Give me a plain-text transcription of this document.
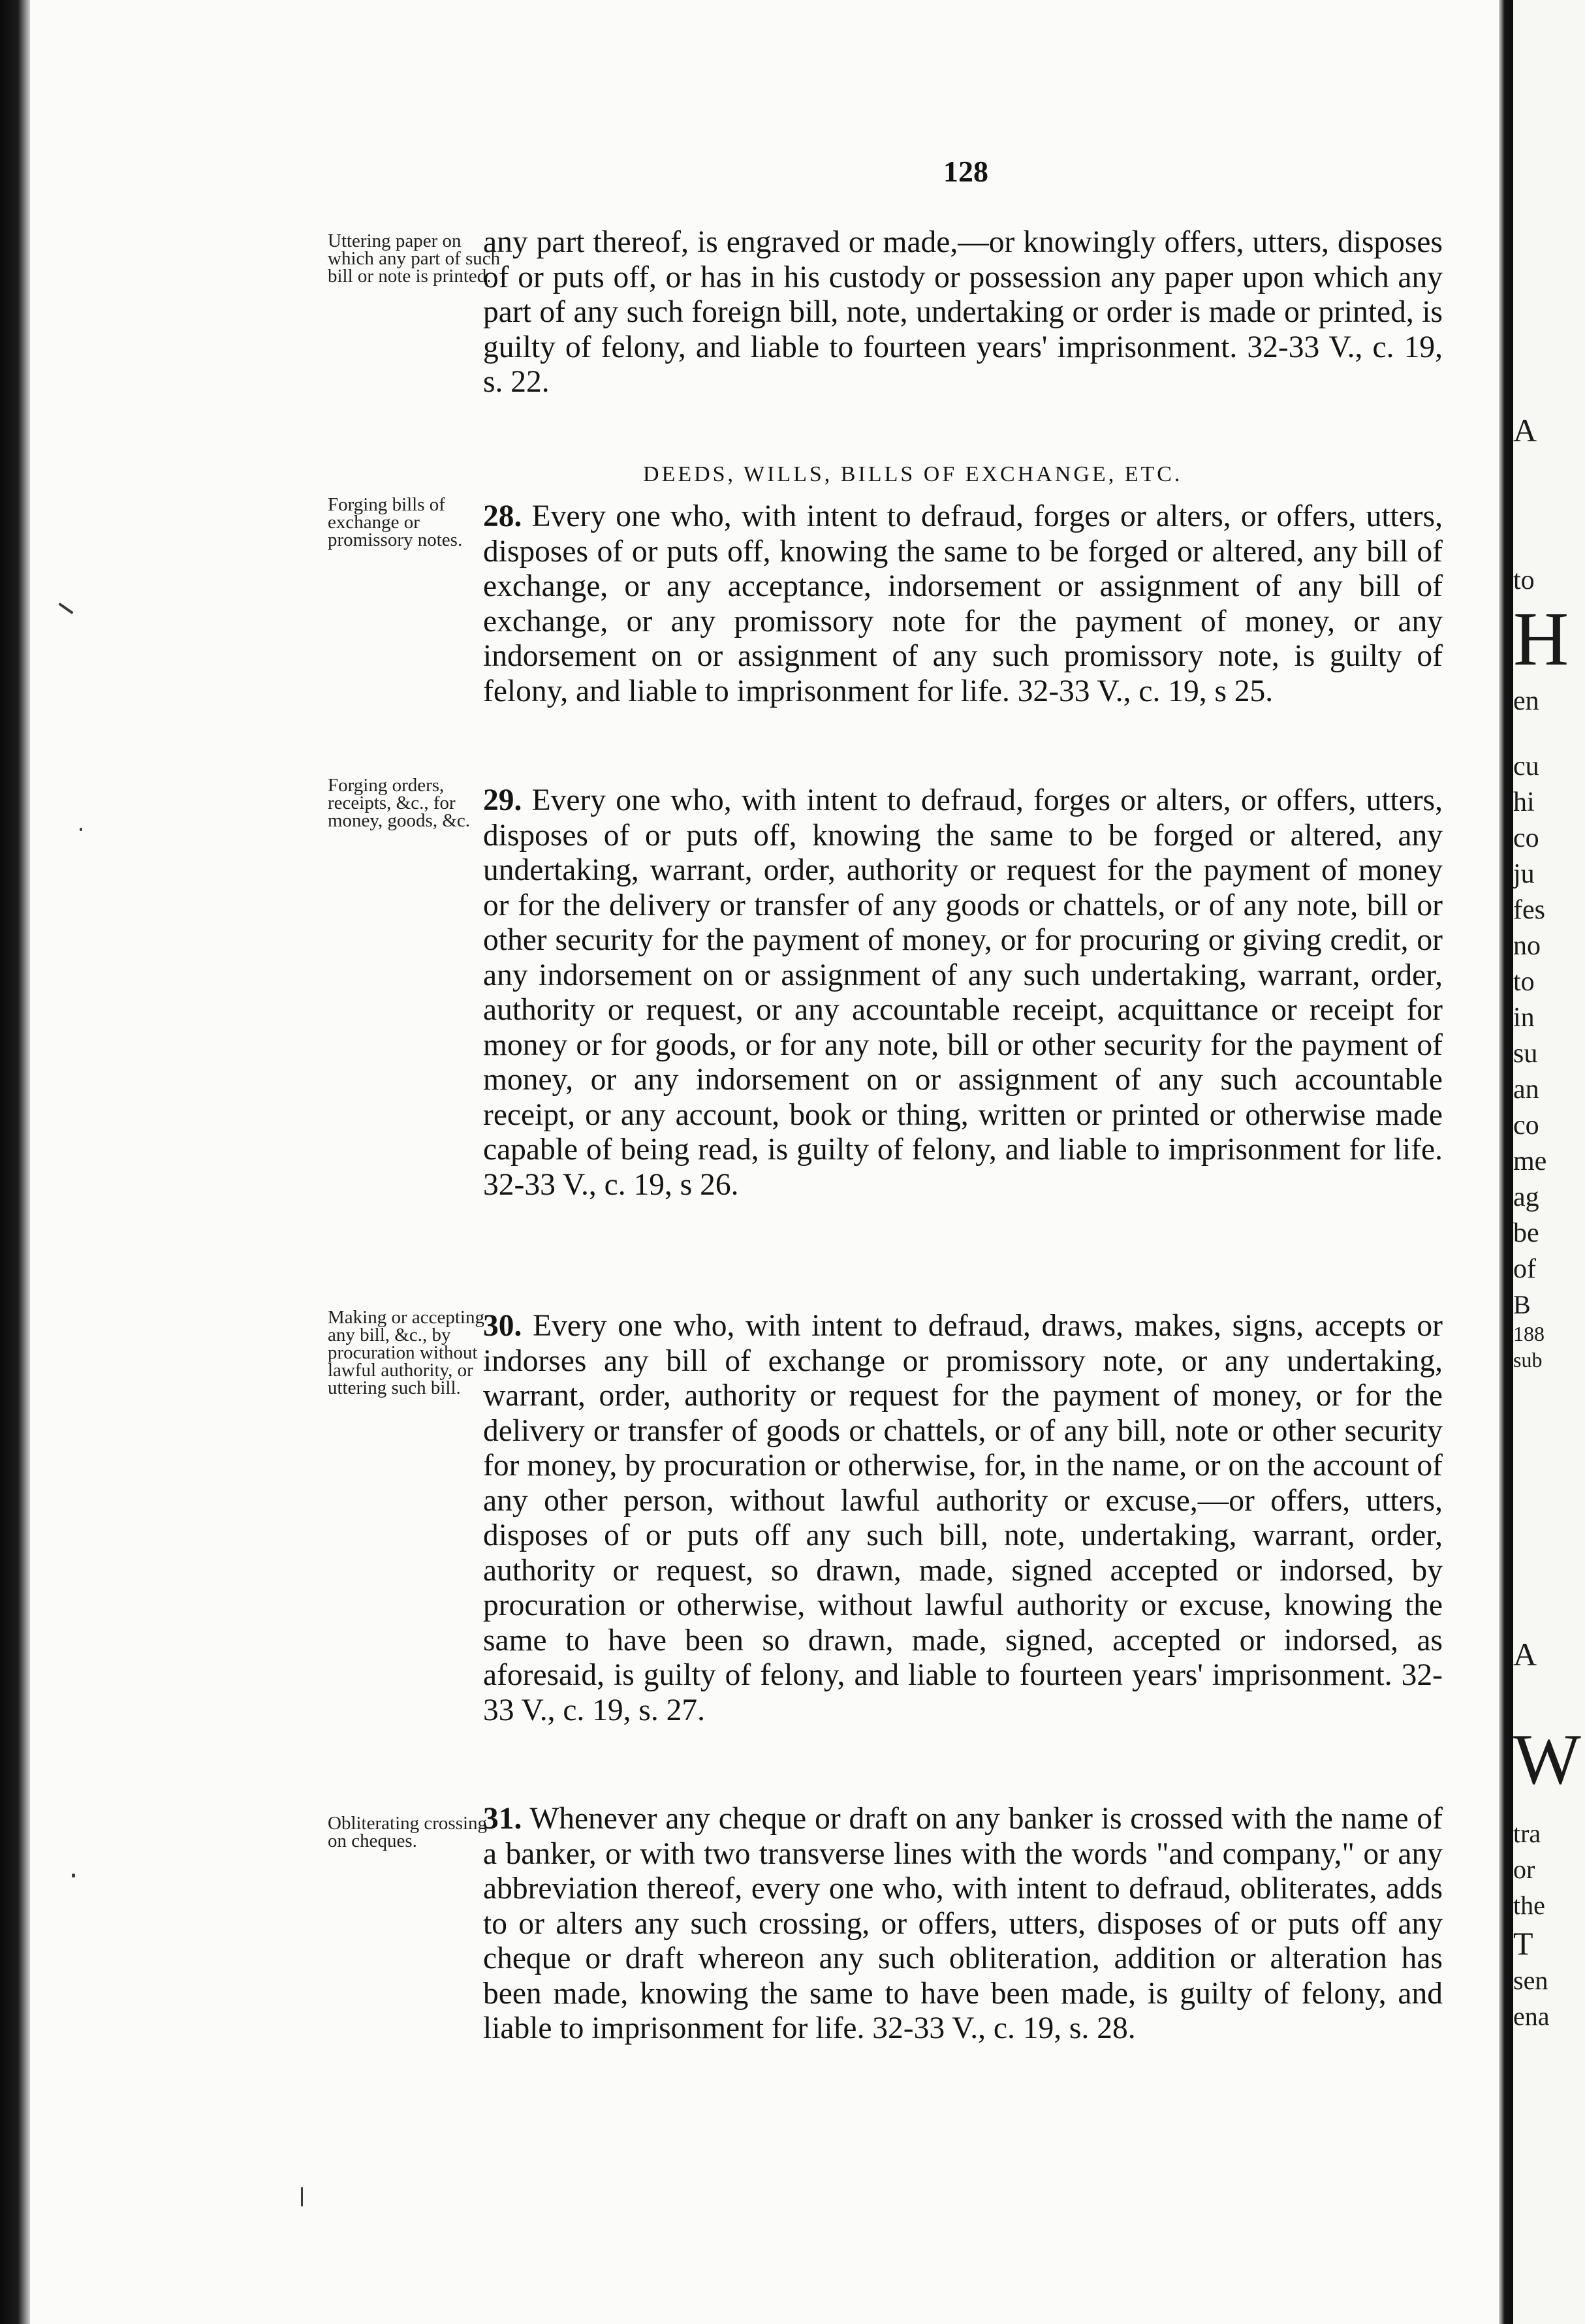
128
Uttering paper on which any part of such bill or note is printed.
Forging bills of exchange or promissory notes.
Forging orders, receipts, &c., for money, goods, &c.
Making or accepting any bill, &c., by procuration without lawful authority, or uttering such bill.
Obliterating crossing on cheques.
DEEDS, WILLS, BILLS OF EXCHANGE, ETC.
any part thereof, is engraved or made,—or knowingly offers, utters, disposes of or puts off, or has in his custody or possession any paper upon which any part of any such foreign bill, note, undertaking or order is made or printed, is guilty of felony, and liable to fourteen years' imprisonment. 32-33 V., c. 19, s. 22.
28. Every one who, with intent to defraud, forges or alters, or offers, utters, disposes of or puts off, knowing the same to be forged or altered, any bill of exchange, or any acceptance, indorsement or assignment of any bill of exchange, or any promissory note for the payment of money, or any indorsement on or assignment of any such promissory note, is guilty of felony, and liable to imprisonment for life. 32-33 V., c. 19, s 25.
29. Every one who, with intent to defraud, forges or alters, or offers, utters, disposes of or puts off, knowing the same to be forged or altered, any undertaking, warrant, order, authority or request for the payment of money or for the delivery or transfer of any goods or chattels, or of any note, bill or other security for the payment of money, or for procuring or giving credit, or any indorsement on or assignment of any such undertaking, warrant, order, authority or request, or any accountable receipt, acquittance or receipt for money or for goods, or for any note, bill or other security for the payment of money, or any indorsement on or assignment of any such accountable receipt, or any account, book or thing, written or printed or otherwise made capable of being read, is guilty of felony, and liable to imprisonment for life. 32-33 V., c. 19, s 26.
30. Every one who, with intent to defraud, draws, makes, signs, accepts or indorses any bill of exchange or promissory note, or any undertaking, warrant, order, authority or request for the payment of money, or for the delivery or transfer of goods or chattels, or of any bill, note or other security for money, by procuration or otherwise, for, in the name, or on the account of any other person, without lawful authority or excuse,—or offers, utters, disposes of or puts off any such bill, note, undertaking, warrant, order, authority or request, so drawn, made, signed accepted or indorsed, by procuration or otherwise, without lawful authority or excuse, knowing the same to have been so drawn, made, signed, accepted or indorsed, as aforesaid, is guilty of felony, and liable to fourteen years' imprisonment. 32-33 V., c. 19, s. 27.
31. Whenever any cheque or draft on any banker is crossed with the name of a banker, or with two transverse lines with the words "and company," or any abbreviation thereof, every one who, with intent to defraud, obliterates, adds to or alters any such crossing, or offers, utters, disposes of or puts off any cheque or draft whereon any such obliteration, addition or alteration has been made, knowing the same to have been made, is guilty of felony, and liable to imprisonment for life. 32-33 V., c. 19, s. 28.
A
to
H
en
cu
hi
co
ju
fes
no
to
in
su
an
co
me
ag
be
of
B
188
sub
A
W
tra
or
the
T
sen
ena
